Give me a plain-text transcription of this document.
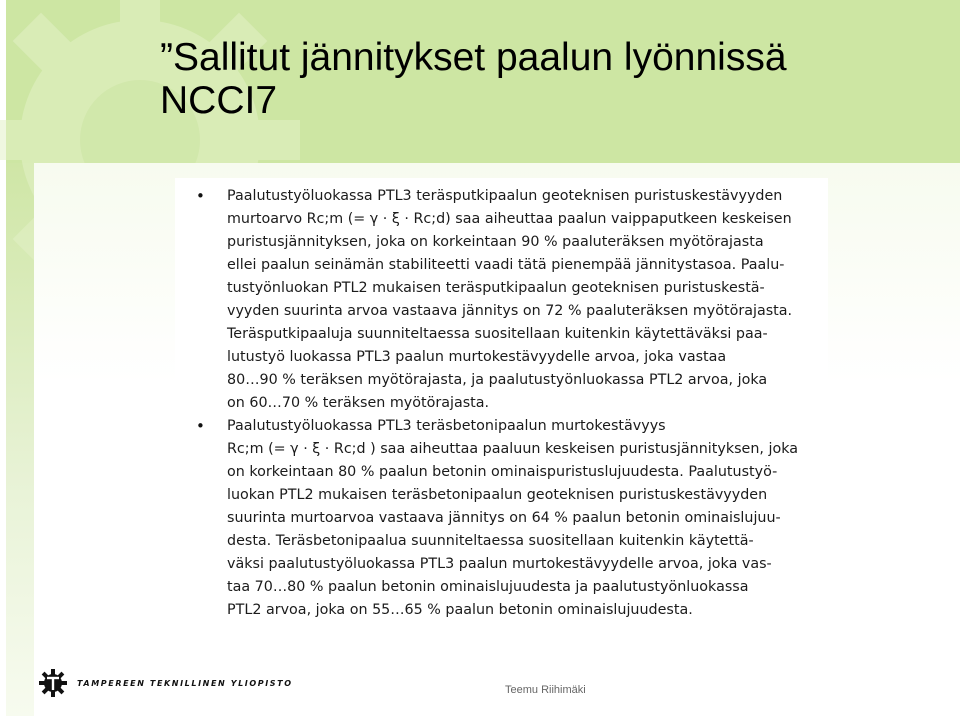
”Sallitut jännitykset paalun lyönnissä
NCCI7
• Paalutustyöluokassa PTL3 teräsputkipaalun geoteknisen puristuskestävyyden
murtoarvo Rc;m (= γ · ξ · Rc;d) saa aiheuttaa paalun vaippaputkeen keskeisen
puristusjännityksen, joka on korkeintaan 90 % paaluteräksen myötörajasta
ellei paalun seinämän stabiliteetti vaadi tätä pienempää jännitystasoa. Paalu-
tustyönluokan PTL2 mukaisen teräsputkipaalun geoteknisen puristuskestä-
vyyden suurinta arvoa vastaava jännitys on 72 % paaluteräksen myötörajasta.
Teräsputkipaaluja suunniteltaessa suositellaan kuitenkin käytettäväksi paa-
lutustyö luokassa PTL3 paalun murtokestävyydelle arvoa, joka vastaa
80…90 % teräksen myötörajasta, ja paalutustyönluokassa PTL2 arvoa, joka
on 60…70 % teräksen myötörajasta.
• Paalutustyöluokassa PTL3 teräsbetonipaalun murtokestävyys
Rc;m (= γ · ξ · Rc;d ) saa aiheuttaa paaluun keskeisen puristusjännityksen, joka
on korkeintaan 80 % paalun betonin ominaispuristuslujuudesta. Paalutustyö-
luokan PTL2 mukaisen teräsbetonipaalun geoteknisen puristuskestävyyden
suurinta murtoarvoa vastaava jännitys on 64 % paalun betonin ominaislujuu-
desta. Teräsbetonipaalua suunniteltaessa suositellaan kuitenkin käytettä-
väksi paalutustyöluokassa PTL3 paalun murtokestävyydelle arvoa, joka vas-
taa 70…80 % paalun betonin ominaislujuudesta ja paalutustyönluokassa
PTL2 arvoa, joka on 55…65 % paalun betonin ominaislujuudesta.
TAMPEREEN TEKNILLINEN YLIOPISTO
Teemu Riihimäki
